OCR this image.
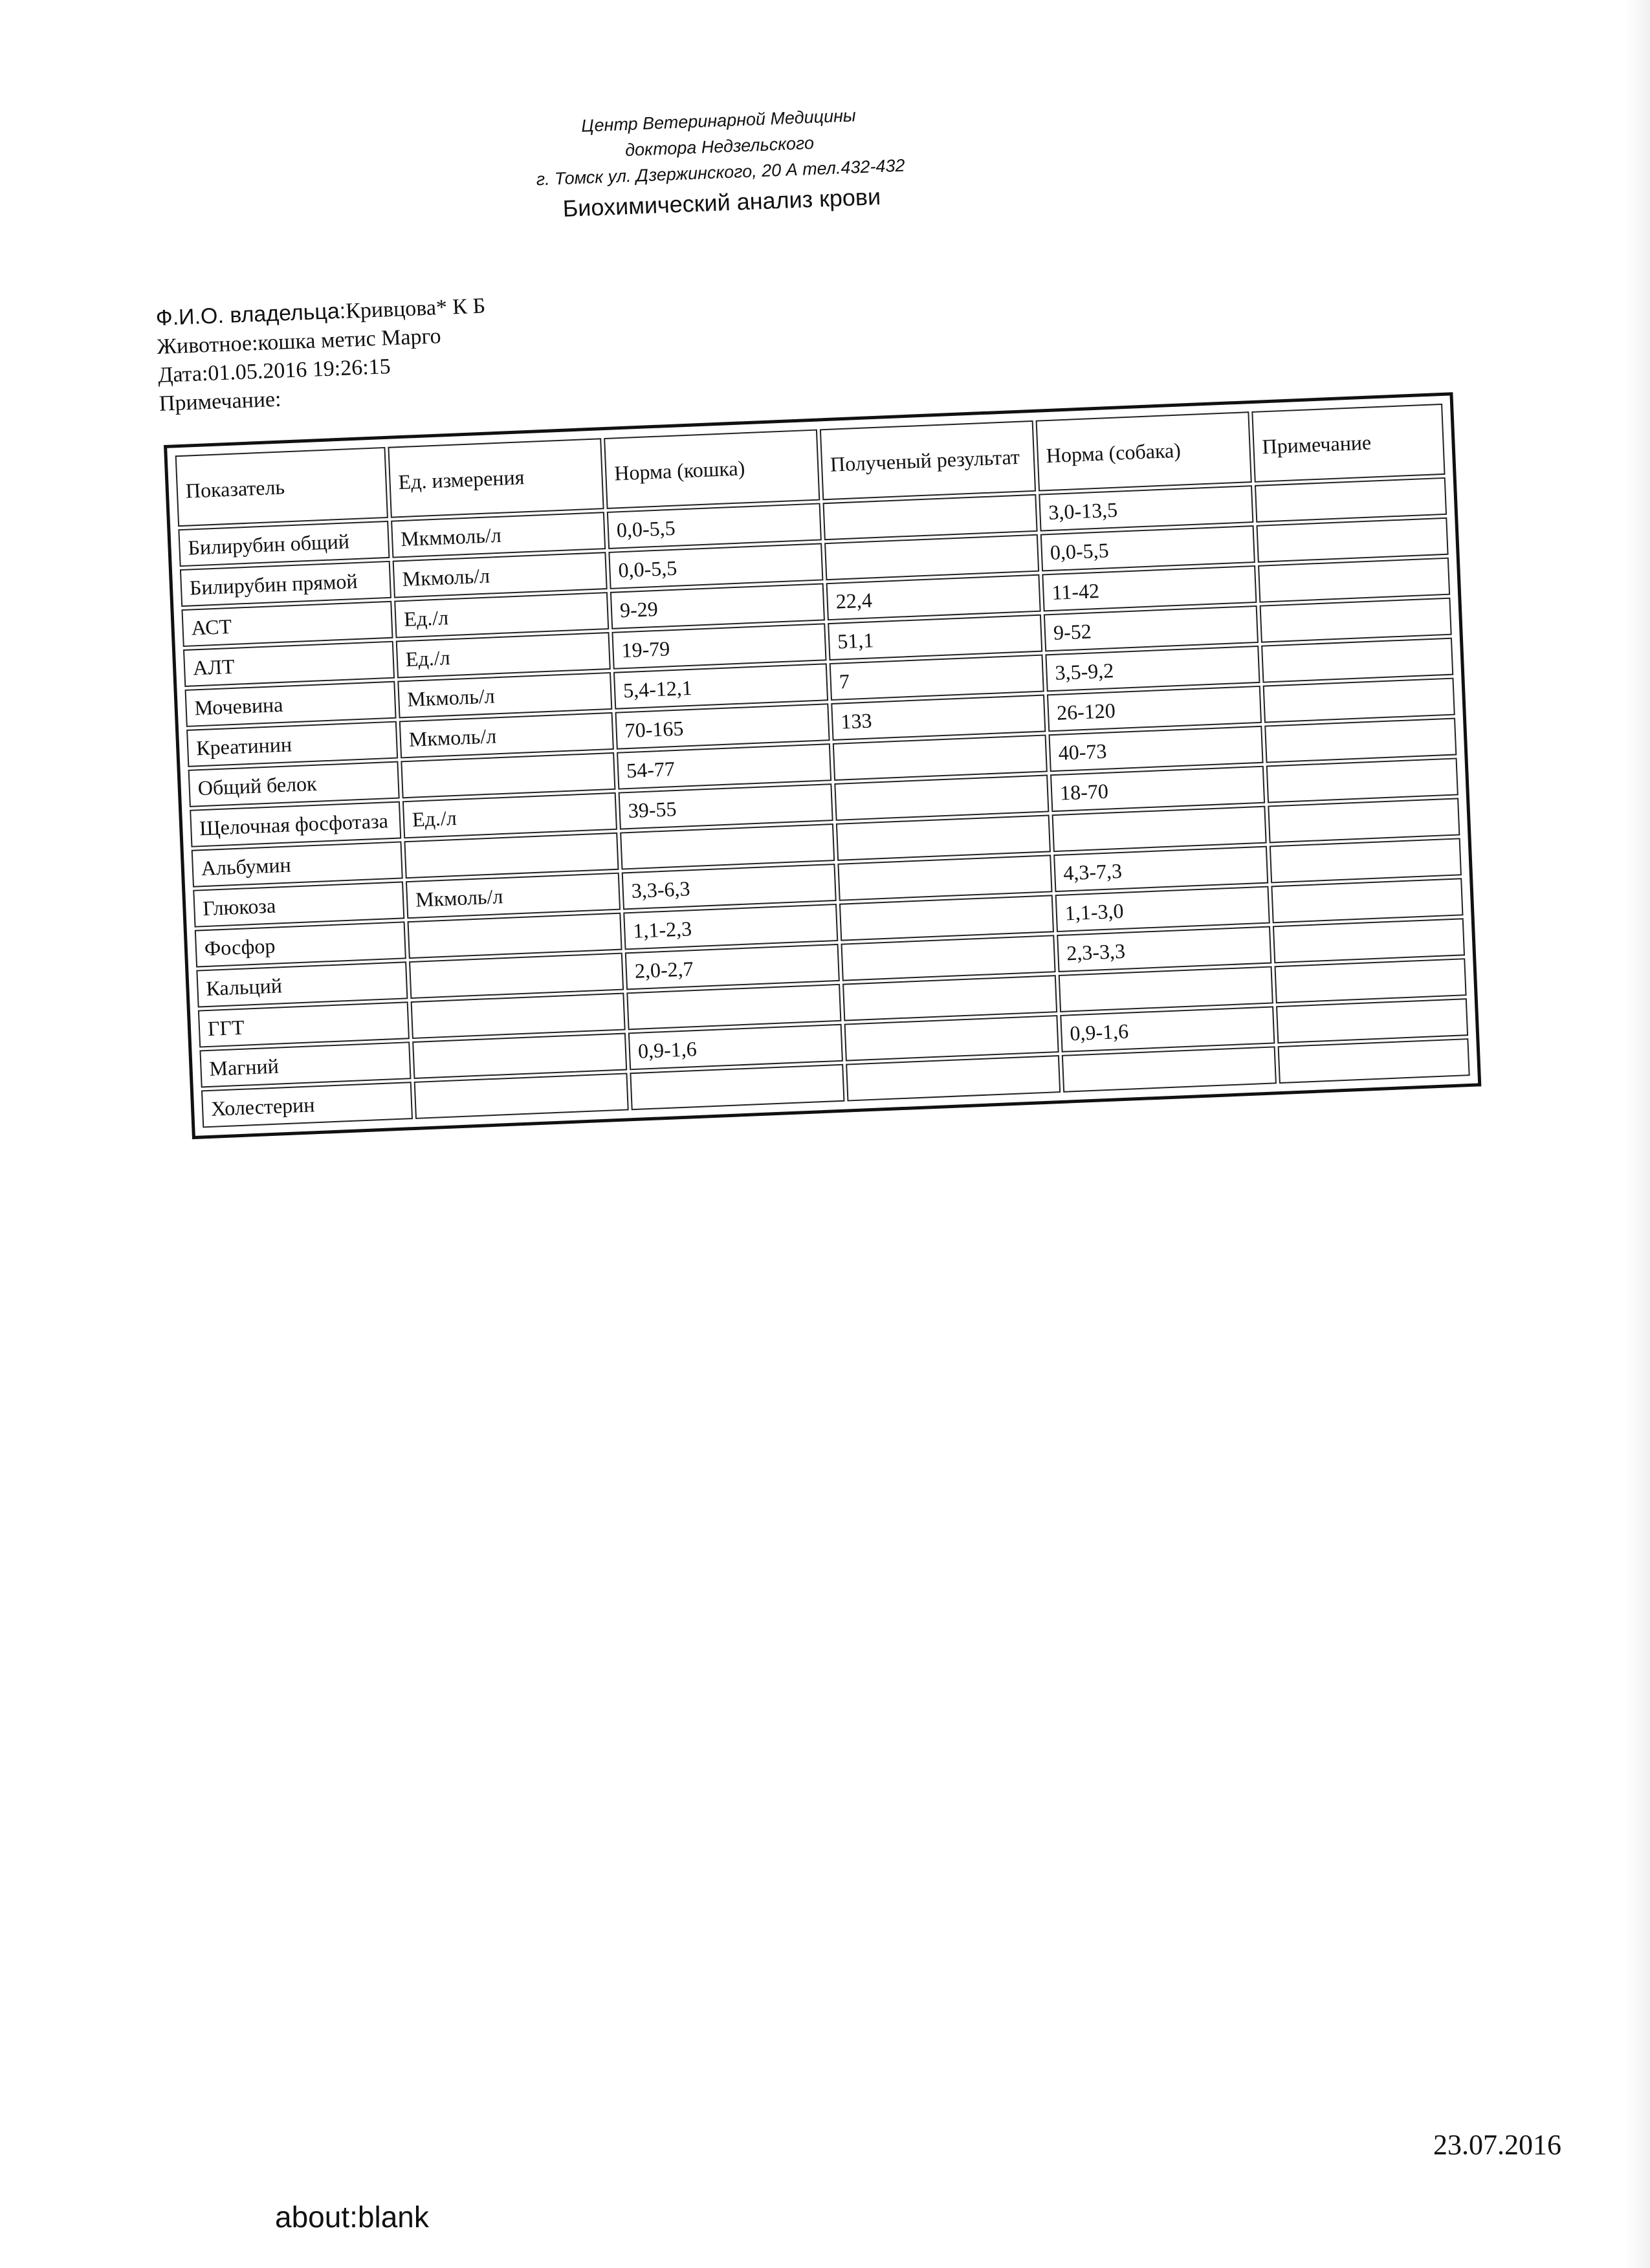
Центр Ветеринарной Медицины
доктора Недзельского
г. Томск ул. Дзержинского, 20 А тел.432-432
Биохимический анализ крови
Ф.И.О. владельца:Кривцова* К Б
Животное:кошка метис Марго
Дата:01.05.2016 19:26:15
Примечание:
Показатель	Ед. измерения	Норма (кошка)	Полученый результат	Норма (собака)	Примечание
Билирубин общий	Мкммоль/л	0,0-5,5		3,0-13,5	
Билирубин прямой	Мкмоль/л	0,0-5,5		0,0-5,5	
АСТ	Ед./л	9-29	22,4	11-42	
АЛТ	Ед./л	19-79	51,1	9-52	
Мочевина	Мкмоль/л	5,4-12,1	7	3,5-9,2	
Креатинин	Мкмоль/л	70-165	133	26-120	
Общий белок		54-77		40-73	
Щелочная фосфотаза	Ед./л	39-55		18-70	
Альбумин					
Глюкоза	Мкмоль/л	3,3-6,3		4,3-7,3	
Фосфор		1,1-2,3		1,1-3,0	
Кальций		2,0-2,7		2,3-3,3	
ГГТ					
Магний		0,9-1,6		0,9-1,6	
Холестерин					
23.07.2016
about:blank
